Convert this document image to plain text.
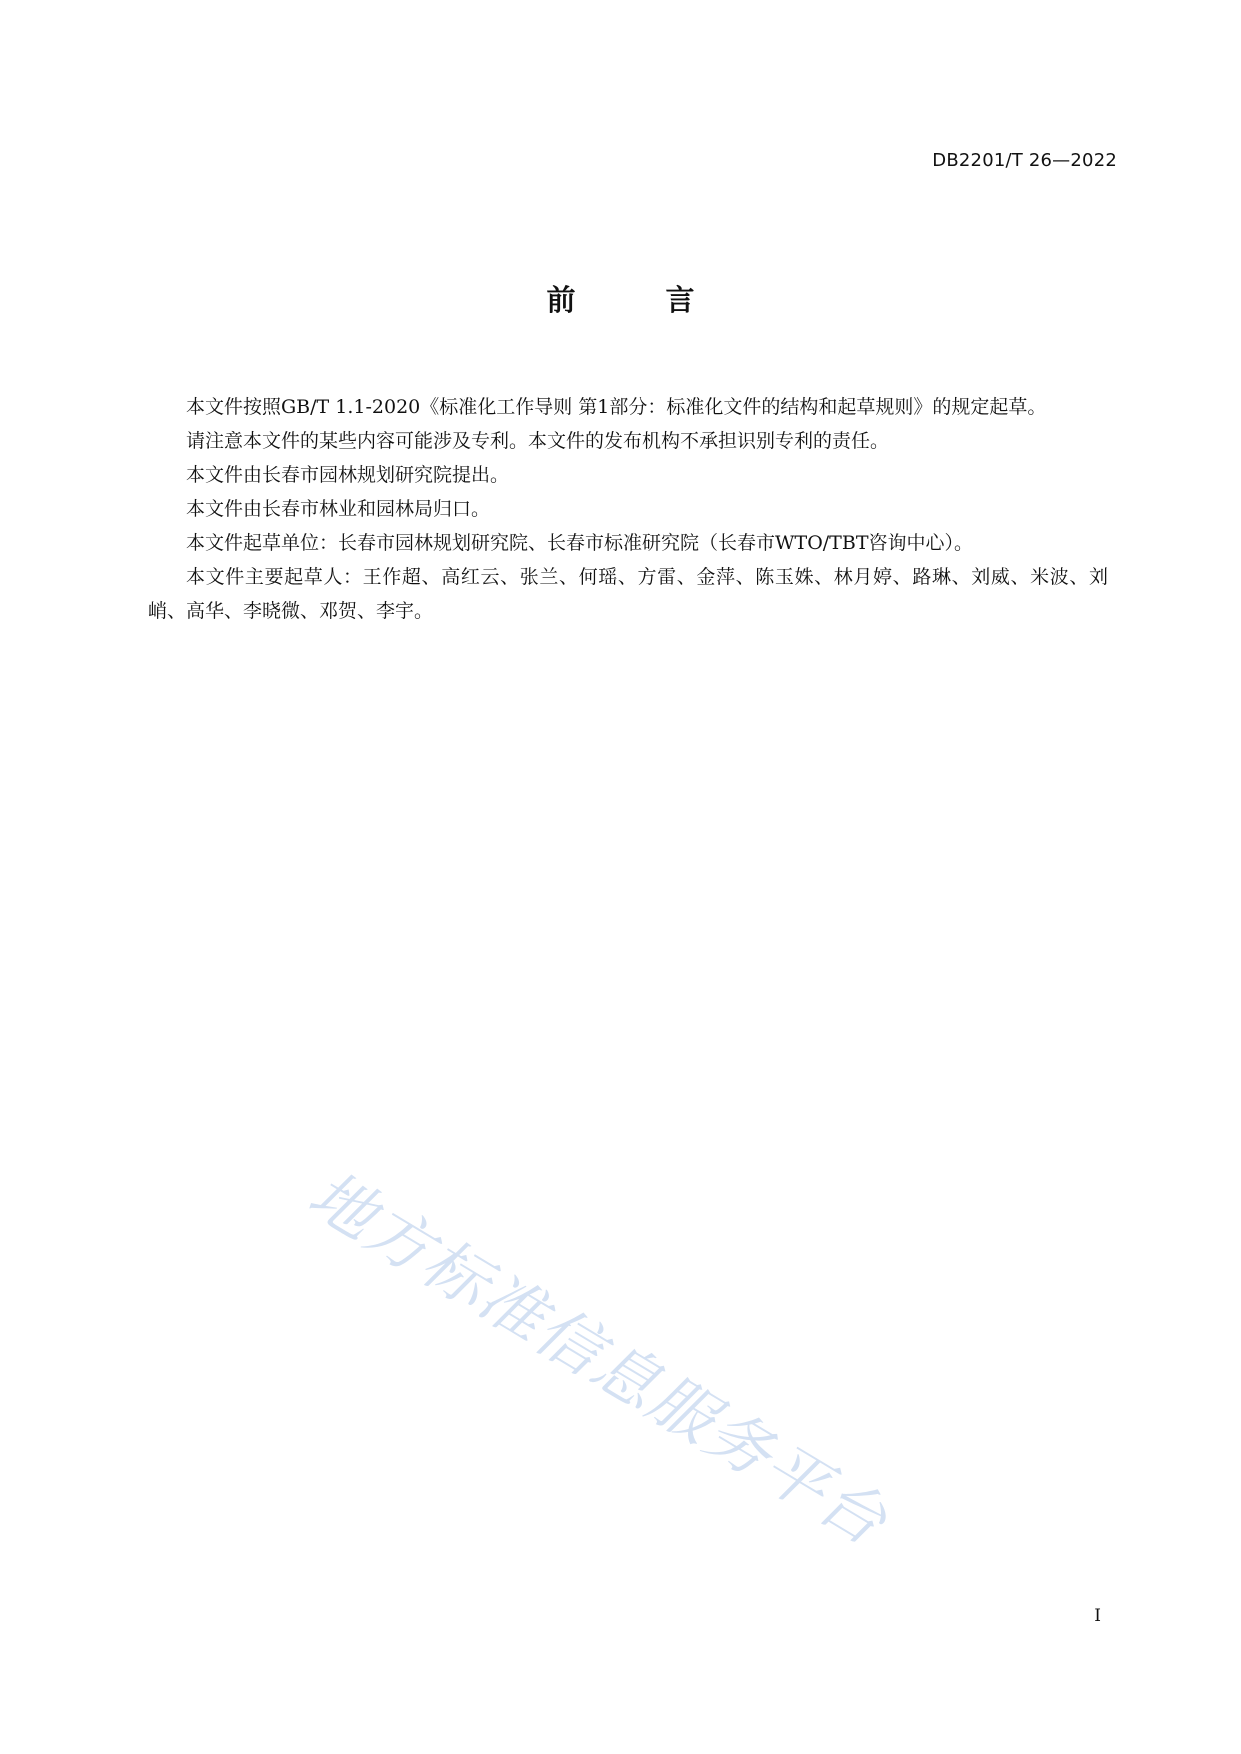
DB2201/T 26—2022
前 言

本文件按照GB/T 1.1-2020《标准化工作导则 第1部分：标准化文件的结构和起草规则》的规定起草。

请注意本文件的某些内容可能涉及专利。本文件的发布机构不承担识别专利的责任。

本文件由长春市园林规划研究院提出。

本文件由长春市林业和园林局归口。

本文件起草单位：长春市园林规划研究院、长春市标准研究院（长春市WTO/TBT咨询中心）。

本文件主要起草人：王作超、高红云、张兰、何瑶、方雷、金萍、陈玉姝、林月婷、路琳、刘威、米波、刘峭、高华、李晓微、邓贺、李宇。

地方标准信息服务平台
I
